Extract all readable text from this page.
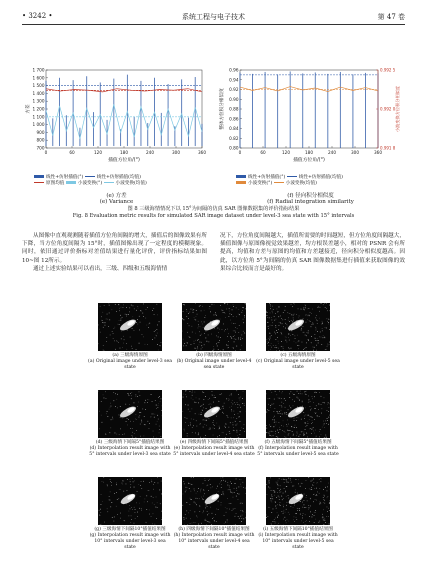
• 3242 •	系统工程与电子技术	第 47 卷
700
800
900
1 000
1 100
1 200
1 300
1 400
1 500
1 600
1 700
0	60	120	180	240	300	360
插值方位角/(°)
方差
线性+仿射插值(°)	线性+仿射插值(均值)
原图均值	小波变换(°)	小波变换(均值)
(e) 方差
(e) Variance
0.80
0.82
0.84
0.86
0.88
0.90
0.92
0.94
0.96
0	60	120	180	240	300	360
插值方位角/(°)
整体方位积分相似度
0.992 5
0.992 0
0.991 8
小波变换方位积分相似度
线性+仿射插值(°)	线性+仿射插值(均值)
小波变换(°)	小波变换(均值)
(f) 径向积分相似度
(f) Radial integration similarity
图 8 三级海情情况下以 15°为间隔的仿真 SAR 图像数据集的评价指标结果
Fig. 8 Evaluation metric results for simulated SAR image dataset under level-3 sea state with 15° intervals

从图像中直观观测随着插值方位角间隔的增大，插值后的图像效果有所下降，当方位角度间隔为 15°时，插值图像出现了一定程度的模糊现象。同时，依旧通过评价指标对差值结果进行量化评价，评价指标结果如图 10~图 12所示。

通过上述实验结果可以看出，三级、四级和五级海情情

况下，方位角度间隔越大，插值所需要的时间越短，但方位角度间隔越大，插值图像与原图像视觉效果越差，均方根误差越小，相对的 PSNR 会有所提高，均值和方差与原图的均值和方差越接近，径向积分相似度越高。因此，以方位角 5°为间隔的仿真 SAR 图像数据集进行插值来获取图像的效果综合比较而言是最好的。

(a) 三级海情原图
(a) Original image under level-3 sea state
(b) 四级海情原图
(b) Original image under level-4 sea state
(c) 五级海情原图
(c) Original image under level-5 sea state
(d) 三级海情下间隔5°插值结果图
(d) Interpolation result image with 5° intervals under level-3 sea state
(e) 四级海情下间隔5°插值结果图
(e) Interpolation result image with 5° intervals under level-4 sea state
(f) 五级海情下间隔5°插值结果图
(f) Interpolation result image with 5° intervals under level-5 sea state
(g) 三级海情下间隔10°插值结果图
(g) Interpolation result image with 10° intervals under level-3 sea state
(h) 四级海情下间隔10°插值结果图
(h) Interpolation result image with 10° intervals under level-4 sea state
(i) 五级海情下间隔10°插值结果图
(i) Interpolation result image with 10° intervals under level-5 sea state
